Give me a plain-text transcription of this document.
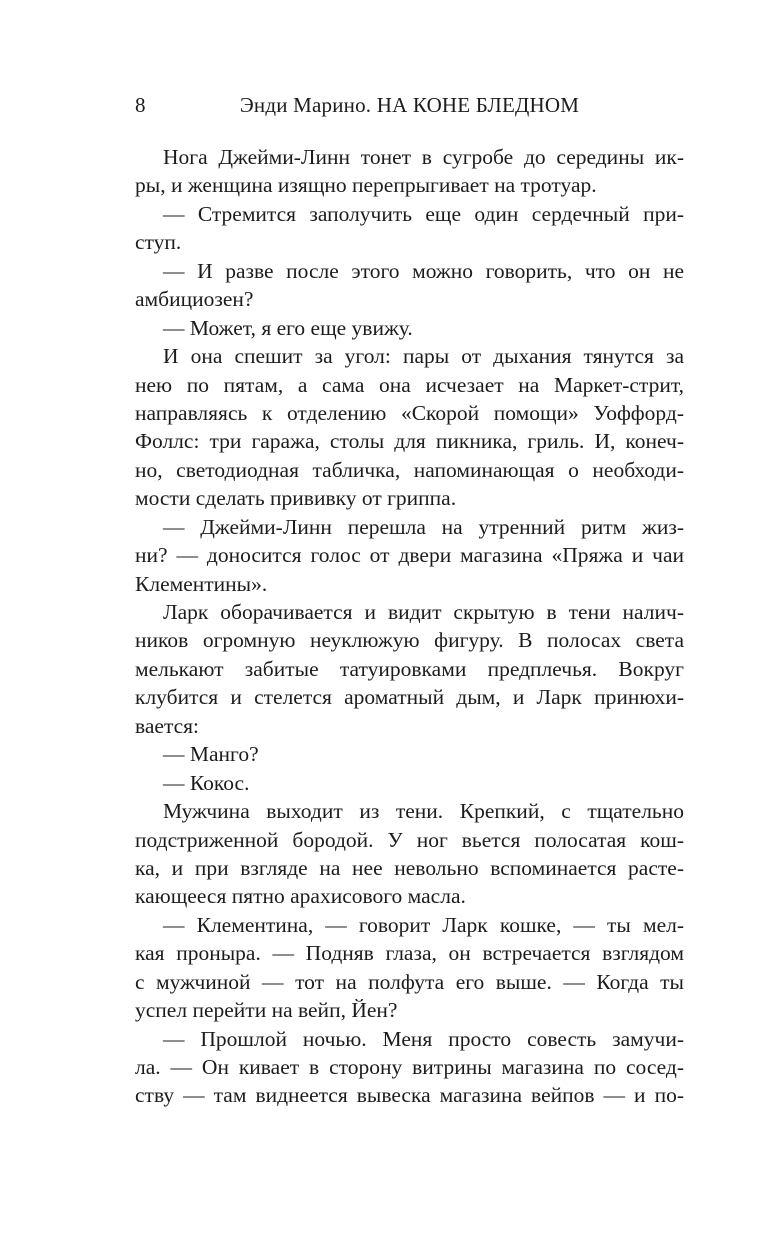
8	Энди Марино. НА КОНЕ БЛЕДНОМ
Нога Джейми-Линн тонет в сугробе до середины ик-
ры, и женщина изящно перепрыгивает на тротуар.
— Стремится заполучить еще один сердечный при-
ступ.
— И разве после этого можно говорить, что он не
амбициозен?
— Может, я его еще увижу.
И она спешит за угол: пары от дыхания тянутся за
нею по пятам, а сама она исчезает на Маркет-стрит,
направляясь к отделению «Скорой помощи» Уоффорд-
Фоллс: три гаража, столы для пикника, гриль. И, конеч-
но, светодиодная табличка, напоминающая о необходи-
мости сделать прививку от гриппа.
— Джейми-Линн перешла на утренний ритм жиз-
ни? — доносится голос от двери магазина «Пряжа и чаи
Клементины».
Ларк оборачивается и видит скрытую в тени налич-
ников огромную неуклюжую фигуру. В полосах света
мелькают забитые татуировками предплечья. Вокруг
клубится и стелется ароматный дым, и Ларк принюхи-
вается:
— Манго?
— Кокос.
Мужчина выходит из тени. Крепкий, с тщательно
подстриженной бородой. У ног вьется полосатая кош-
ка, и при взгляде на нее невольно вспоминается расте-
кающееся пятно арахисового масла.
— Клементина, — говорит Ларк кошке, — ты мел-
кая проныра. — Подняв глаза, он встречается взглядом
с мужчиной — тот на полфута его выше. — Когда ты
успел перейти на вейп, Йен?
— Прошлой ночью. Меня просто совесть замучи-
ла. — Он кивает в сторону витрины магазина по сосед-
ству — там виднеется вывеска магазина вейпов — и по-
